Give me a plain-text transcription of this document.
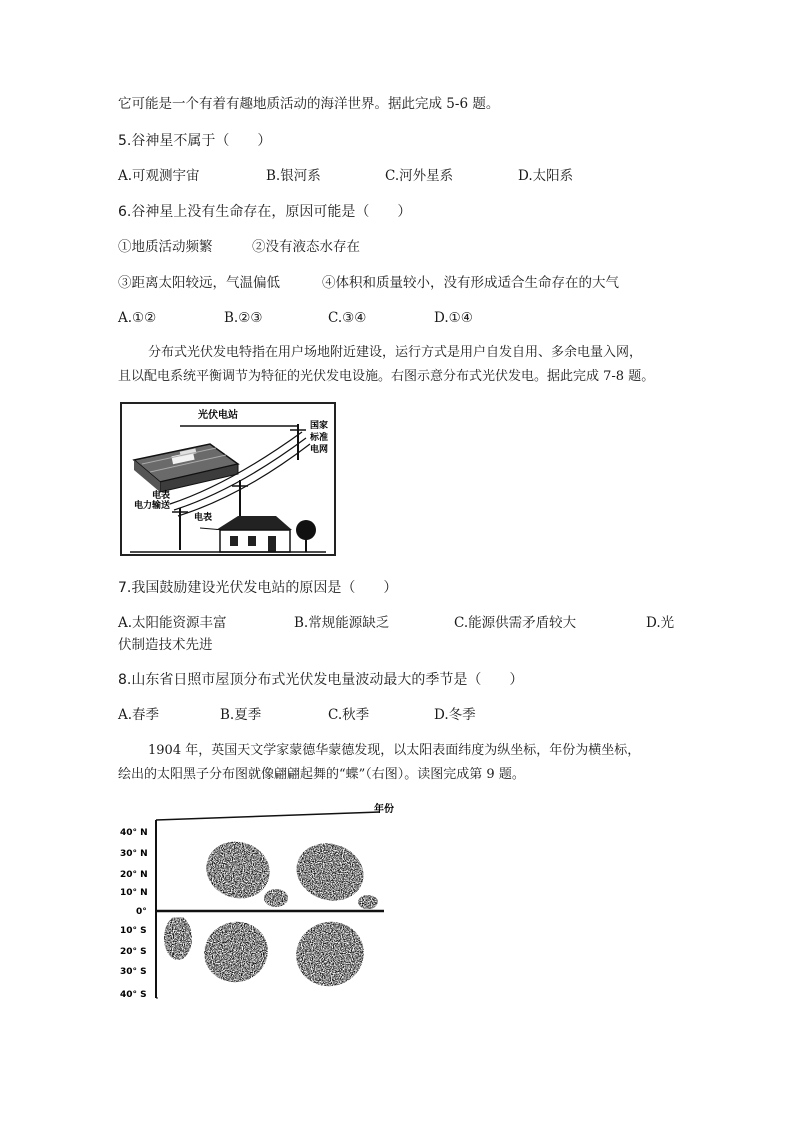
它可能是一个有着有趣地质活动的海洋世界。据此完成 5-6 题。
5.谷神星不属于（　　）
A.可观测宇宙	B.银河系	C.河外星系	D.太阳系
6.谷神星上没有生命存在，原因可能是（　　）
①地质活动频繁	②没有液态水存在
③距离太阳较远，气温偏低	④体积和质量较小，没有形成适合生命存在的大气
A.①②	B.②③	C.③④	D.①④
分布式光伏发电特指在用户场地附近建设，运行方式是用户自发自用、多余电量入网，
且以配电系统平衡调节为特征的光伏发电设施。右图示意分布式光伏发电。据此完成 7-8 题。
光伏电站
国家
标准
电网
电表
电力输送
电表
7.我国鼓励建设光伏发电站的原因是（　　）
A.太阳能资源丰富	B.常规能源缺乏	C.能源供需矛盾较大	D.光
伏制造技术先进
8.山东省日照市屋顶分布式光伏发电量波动最大的季节是（　　）
A.春季	B.夏季	C.秋季	D.冬季
1904 年，英国天文学家蒙德华蒙德发现，以太阳表面纬度为纵坐标，年份为横坐标，
绘出的太阳黑子分布图就像翩翩起舞的“蝶”（右图）。读图完成第 9 题。
年份
40° N
30° N
20° N
10° N
0°
10° S
20° S
30° S
40° S
